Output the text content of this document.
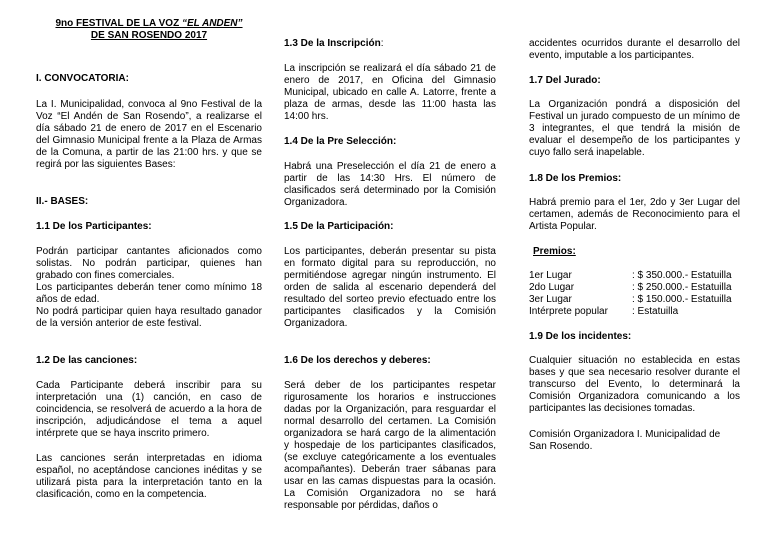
9no FESTIVAL DE LA VOZ “EL ANDEN”
DE SAN ROSENDO 2017
I. CONVOCATORIA:
La I. Municipalidad, convoca al 9no Festival de la Voz “El Andén de San Rosendo”, a realizarse el día sábado 21 de enero de 2017 en el Escenario del Gimnasio Municipal frente a la Plaza de Armas de la Comuna, a partir de las 21:00 hrs. y que se regirá por las siguientes Bases:
II.- BASES:
1.1 De los Participantes:
Podrán participar cantantes aficionados como solistas. No podrán participar, quienes han grabado con fines comerciales.
Los participantes deberán tener como mínimo 18 años de edad.
No podrá participar quien haya resultado ganador de la versión anterior de este festival.
1.2 De las canciones:
Cada Participante deberá inscribir para su interpretación una (1) canción, en caso de coincidencia, se resolverá de acuerdo a la hora de inscripción, adjudicándose el tema a aquel intérprete que se haya inscrito primero.
Las canciones serán interpretadas en idioma español, no aceptándose canciones inéditas y se utilizará pista para la interpretación tanto en la clasificación, como en la competencia.
1.3 De la Inscripción:
La inscripción se realizará el día sábado 21 de enero de 2017, en Oficina del Gimnasio Municipal, ubicado en calle A. Latorre, frente a plaza de armas, desde las 11:00 hasta las 14:00 hrs.
1.4 De la Pre Selección:
Habrá una Preselección el día 21 de enero a partir de las 14:30 Hrs. El número de clasificados será determinado por la Comisión Organizadora.
1.5 De la Participación:
Los participantes, deberán presentar su pista en formato digital para su reproducción, no permitiéndose agregar ningún instrumento. El orden de salida al escenario dependerá del resultado del sorteo previo efectuado entre los participantes clasificados y la Comisión Organizadora.
1.6 De los derechos y deberes:
Será deber de los participantes respetar rigurosamente los horarios e instrucciones dadas por la Organización, para resguardar el normal desarrollo del certamen. La Comisión organizadora se hará cargo de la alimentación y hospedaje de los participantes clasificados, (se excluye categóricamente a los eventuales acompañantes). Deberán traer sábanas para usar en las camas dispuestas para la ocasión. La Comisión Organizadora no se hará responsable por pérdidas, daños o
accidentes ocurridos durante el desarrollo del evento, imputable a los participantes.
1.7 Del Jurado:
La Organización pondrá a disposición del Festival un jurado compuesto de un mínimo de 3 integrantes, el que tendrá la misión de evaluar el desempeño de los participantes y cuyo fallo será inapelable.
1.8 De los Premios:
Habrá premio para el 1er, 2do y 3er Lugar del certamen, además de Reconocimiento para el Artista Popular.
Premios:
1er Lugar	: $ 350.000.- Estatuilla
2do Lugar	: $ 250.000.- Estatuilla
3er Lugar	: $ 150.000.- Estatuilla
Intérprete popular : Estatuilla
1.9 De los incidentes:
Cualquier situación no establecida en estas bases y que sea necesario resolver durante el transcurso del Evento, lo determinará la Comisión Organizadora comunicando a los participantes las decisiones tomadas.
Comisión Organizadora I. Municipalidad de San Rosendo.
